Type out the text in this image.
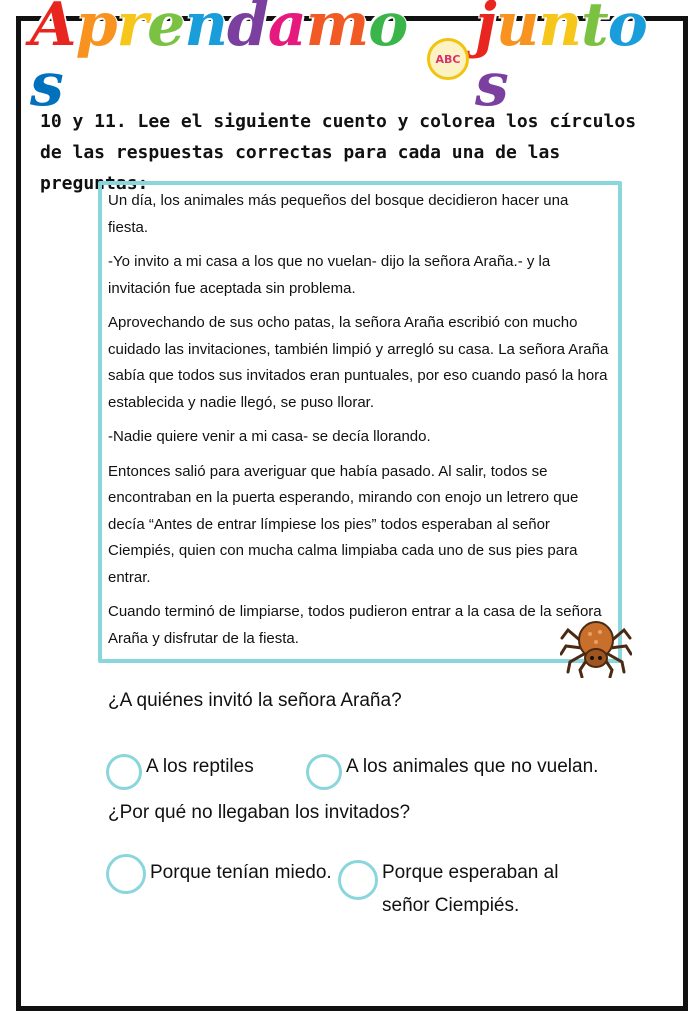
Aprendamos	ABC juntos
10 y 11. Lee el siguiente cuento y colorea los círculos de las respuestas correctas para cada una de las preguntas:

Un día, los animales más pequeños del bosque decidieron hacer una fiesta.

-Yo invito a mi casa a los que no vuelan- dijo la señora Araña.- y la invitación fue aceptada sin problema.

Aprovechando de sus ocho patas, la señora Araña escribió con mucho cuidado las invitaciones, también limpió y arregló su casa. La señora Araña sabía que todos sus invitados eran puntuales, por eso cuando pasó la hora establecida y nadie llegó, se puso llorar.

-Nadie quiere venir a mi casa- se decía llorando.

Entonces salió para averiguar que había pasado. Al salir, todos se encontraban en la puerta esperando, mirando con enojo un letrero que decía “Antes de entrar límpiese los pies” todos esperaban al señor Ciempiés, quien con mucha calma limpiaba cada uno de sus pies para entrar.

Cuando terminó de limpiarse, todos pudieron entrar a la casa de la señora Araña y disfrutar de la fiesta.

¿A quiénes invitó la señora Araña?
A los reptiles	A los animales que no vuelan.
¿Por qué no llegaban los invitados?
Porque tenían miedo.	Porque esperaban al señor Ciempiés.
